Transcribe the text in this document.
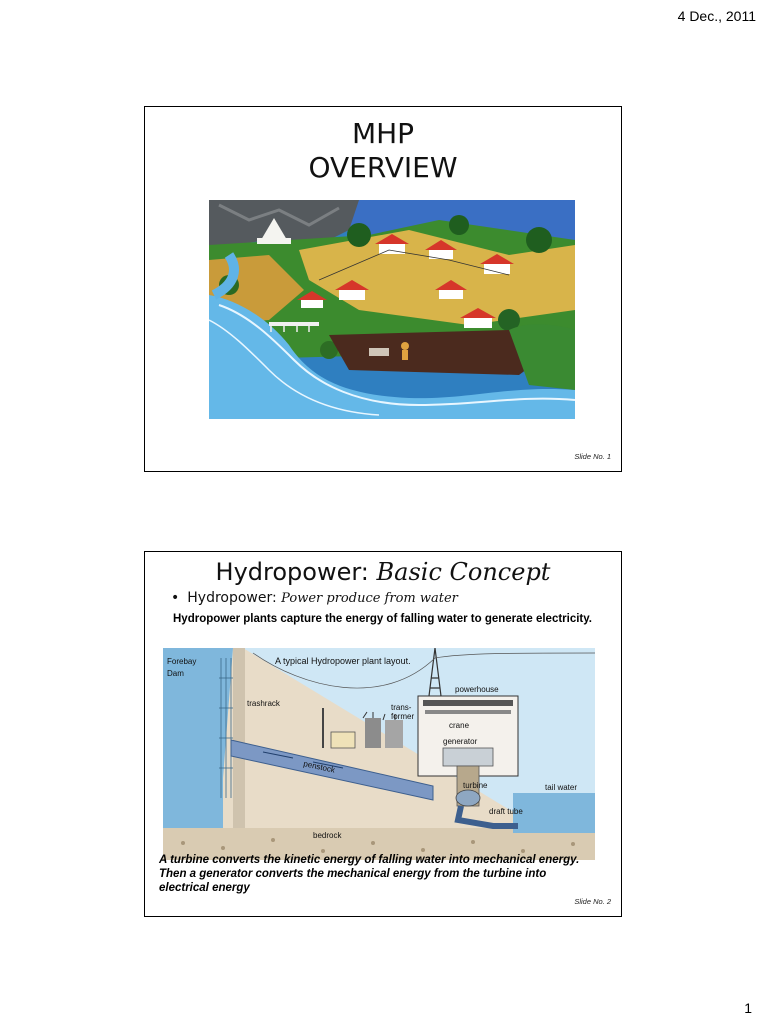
4 Dec., 2011
MHP
OVERVIEW
Slide No. 1
Hydropower: Basic Concept
• Hydropower: Power produce from water
Hydropower plants capture the energy of falling water to generate electricity.
Forebay
Dam
A typical Hydropower plant layout.
trashrack
penstock
trans-
former
powerhouse
crane
generator
turbine	tail water
draft tube
bedrock
A turbine converts the kinetic energy of falling water into mechanical energy. Then a generator converts the mechanical energy from the turbine into electrical energy
Slide No. 2
1
